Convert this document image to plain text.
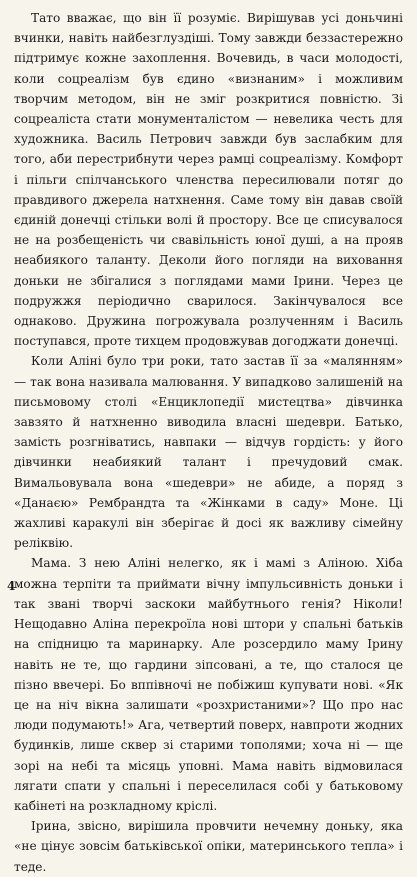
Тато вважає, що він її розуміє. Вирішував усі доньчині вчинки, навіть найбезглуздіші. Тому завжди беззастережно підтримує кожне захоплення. Вочевидь, в часи молодості, коли соцреалізм був єдино «визнаним» і можливим творчим методом, він не зміг розкритися повністю. Зі соцреаліста стати монументалістом — невелика честь для художника. Василь Петрович завжди був заслабким для того, аби перестрибнути через рамці соцреалізму. Комфорт і пільги спілчанського членства пересилювали потяг до правдивого джерела натхнення. Саме тому він давав своїй єдиній донечці стільки волі й простору. Все це списувалося не на розбещеність чи свавільність юної душі, а на прояв неабиякого таланту. Деколи його погляди на виховання доньки не збігалися з поглядами мами Ірини. Через це подружжя періодично сварилося. Закінчувалося все однаково. Дружина погрожувала розлученням і Василь поступався, проте тихцем продовжував догоджати донечці.

Коли Аліні було три роки, тато застав її за «малянням» — так вона називала малювання. У випадково залишеній на письмовому столі «Енциклопедії мистецтва» дівчинка завзято й натхненно виводила власні шедеври. Батько, замість розгніватись, навпаки — відчув гордість: у його дівчинки неабиякий талант і пречудовий смак. Вимальовувала вона «шедеври» не абиде, а поряд з «Данаєю» Рембрандта та «Жінками в саду» Моне. Ці жахливі каракулі він зберігає й досі як важливу сімейну реліквію.

Мама. З нею Аліні нелегко, як і мамі з Аліною. Хіба можна терпіти та приймати вічну імпульсивність доньки і так звані творчі заскоки майбутнього генія? Ніколи! Нещодавно Аліна перекроїла нові штори у спальні батьків на спідницю та маринарку. Але розсердило маму Ірину навіть не те, що гардини зіпсовані, а те, що сталося це пізно ввечері. Бо вппівночі не побіжиш купувати нові. «Як це на ніч вікна залишати «розхристаними»? Що про нас люди подумають!» Ага, четвертий поверх, навпроти жодних будинків, лише сквер зі старими тополями; хоча ні — ще зорі на небі та місяць уповні. Мама навіть відмовилася лягати спати у спальні і переселилася собі у батьковому кабінеті на розкладному кріслі.

Ірина, звісно, вирішила провчити нечемну доньку, яка «не цінує зовсім батьківської опіки, материнського тепла» і теде.

4
